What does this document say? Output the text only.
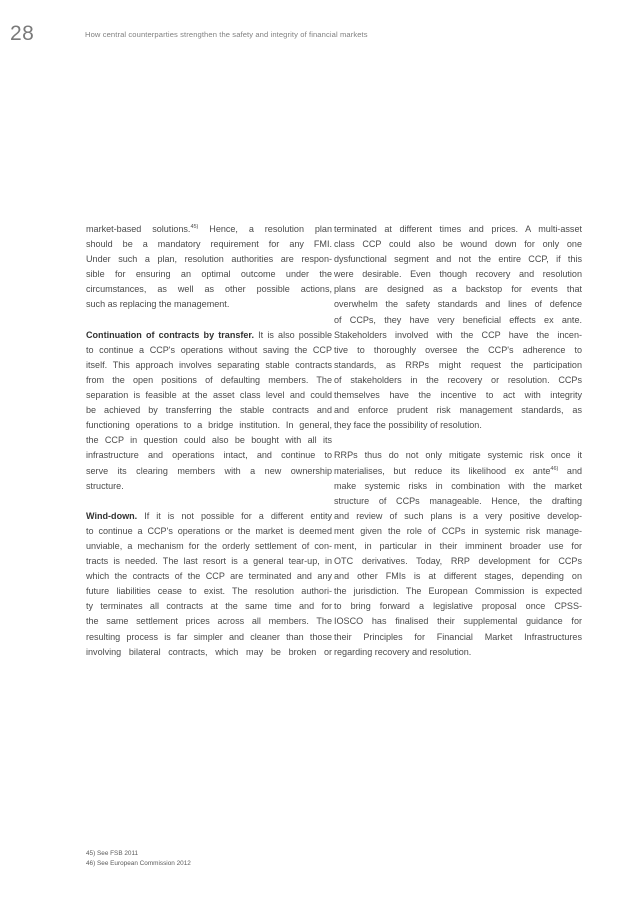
28	How central counterparties strengthen the safety and integrity of financial markets

market-based solutions.$^{45)}$ Hence, a resolution plan
should be a mandatory requirement for any FMI.
Under such a plan, resolution authorities are respon-
sible for ensuring an optimal outcome under the
circumstances, as well as other possible actions,
such as replacing the management.

Continuation of contracts by transfer. It is also possible
to continue a CCP's operations without saving the CCP
itself. This approach involves separating stable contracts
from the open positions of defaulting members. The
separation is feasible at the asset class level and could
be achieved by transferring the stable contracts and
functioning operations to a bridge institution. In general,
the CCP in question could also be bought with all its
infrastructure and operations intact, and continue to
serve its clearing members with a new ownership
structure.

Wind-down. If it is not possible for a different entity
to continue a CCP's operations or the market is deemed
unviable, a mechanism for the orderly settlement of con-
tracts is needed. The last resort is a general tear-up, in
which the contracts of the CCP are terminated and any
future liabilities cease to exist. The resolution authori-
ty terminates all contracts at the same time and for
the same settlement prices across all members. The
resulting process is far simpler and cleaner than those
involving bilateral contracts, which may be broken or

terminated at different times and prices. A multi-asset
class CCP could also be wound down for only one
dysfunctional segment and not the entire CCP, if this
were desirable. Even though recovery and resolution
plans are designed as a backstop for events that
overwhelm the safety standards and lines of defence
of CCPs, they have very beneficial effects ex ante.
Stakeholders involved with the CCP have the incen-
tive to thoroughly oversee the CCP's adherence to
standards, as RRPs might request the participation
of stakeholders in the recovery or resolution. CCPs
themselves have the incentive to act with integrity
and enforce prudent risk management standards, as
they face the possibility of resolution.

RRPs thus do not only mitigate systemic risk once it
materialises, but reduce its likelihood ex ante$^{46)}$ and
make systemic risks in combination with the market
structure of CCPs manageable. Hence, the drafting
and review of such plans is a very positive develop-
ment given the role of CCPs in systemic risk manage-
ment, in particular in their imminent broader use for
OTC derivatives. Today, RRP development for CCPs
and other FMIs is at different stages, depending on
the jurisdiction. The European Commission is expected
to bring forward a legislative proposal once CPSS-
IOSCO has finalised their supplemental guidance for
their Principles for Financial Market Infrastructures
regarding recovery and resolution.

45) See FSB 2011
46) See European Commission 2012
